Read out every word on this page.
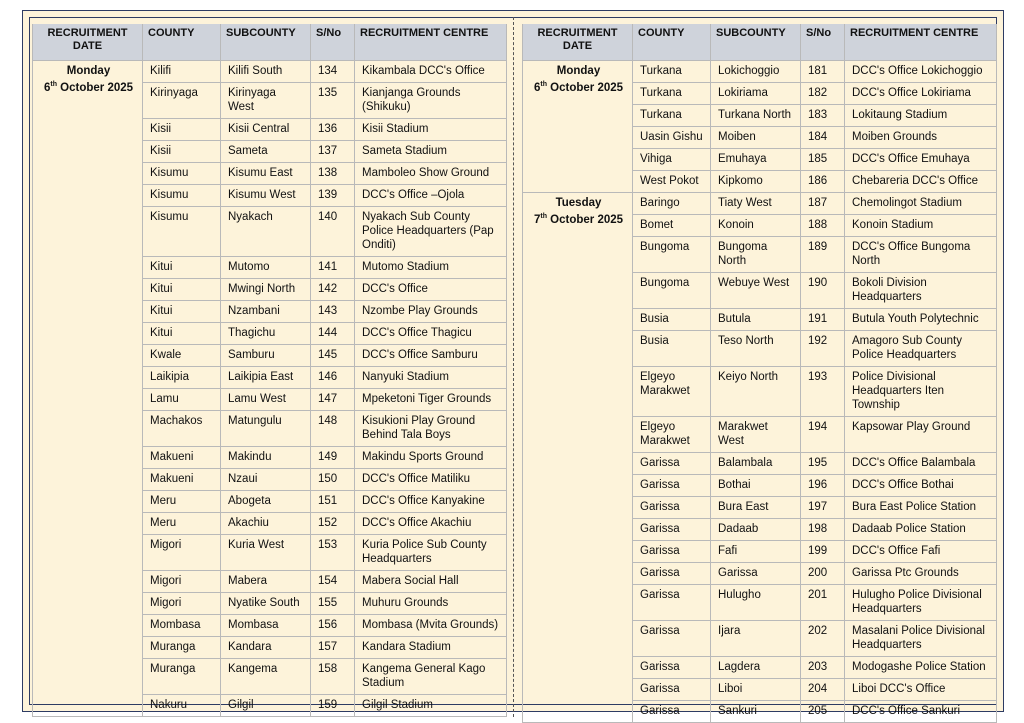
RECRUITMENT DATE	COUNTY	SUBCOUNTY	S/No	RECRUITMENT CENTRE

Monday
6th October 2025	Kilifi	Kilifi South	134	Kikambala DCC's Office
	Kirinyaga	Kirinyaga West	135	Kianjanga Grounds (Shikuku)
	Kisii	Kisii Central	136	Kisii Stadium
	Kisii	Sameta	137	Sameta Stadium
	Kisumu	Kisumu East	138	Mamboleo Show Ground
	Kisumu	Kisumu West	139	DCC's Office –Ojola
	Kisumu	Nyakach	140	Nyakach Sub County Police Headquarters (Pap Onditi)
	Kitui	Mutomo	141	Mutomo Stadium
	Kitui	Mwingi North	142	DCC's Office
	Kitui	Nzambani	143	Nzombe Play Grounds
	Kitui	Thagichu	144	DCC's Office Thagicu
	Kwale	Samburu	145	DCC's Office Samburu
	Laikipia	Laikipia East	146	Nanyuki Stadium
	Lamu	Lamu West	147	Mpeketoni Tiger Grounds
	Machakos	Matungulu	148	Kisukioni Play Ground Behind Tala Boys
	Makueni	Makindu	149	Makindu Sports Ground
	Makueni	Nzaui	150	DCC's Office Matiliku
	Meru	Abogeta	151	DCC's Office Kanyakine
	Meru	Akachiu	152	DCC's Office Akachiu
	Migori	Kuria West	153	Kuria Police Sub County Headquarters
	Migori	Mabera	154	Mabera Social Hall
	Migori	Nyatike South	155	Muhuru Grounds
	Mombasa	Mombasa	156	Mombasa (Mvita Grounds)
	Muranga	Kandara	157	Kandara Stadium
	Muranga	Kangema	158	Kangema General Kago Stadium
	Nakuru	Gilgil	159	Gilgil Stadium
RECRUITMENT DATE	COUNTY	SUBCOUNTY	S/No	RECRUITMENT CENTRE

Monday
6th October 2025	Turkana	Lokichoggio	181	DCC's Office Lokichoggio
	Turkana	Lokiriama	182	DCC's Office Lokiriama
	Turkana	Turkana North	183	Lokitaung Stadium
	Uasin Gishu	Moiben	184	Moiben Grounds
	Vihiga	Emuhaya	185	DCC's Office Emuhaya
	West Pokot	Kipkomo	186	Chebareria DCC's Office

Tuesday
7th October 2025	Baringo	Tiaty West	187	Chemolingot Stadium
	Bomet	Konoin	188	Konoin Stadium
	Bungoma	Bungoma North	189	DCC's Office Bungoma North
	Bungoma	Webuye West	190	Bokoli Division Headquarters
	Busia	Butula	191	Butula Youth Polytechnic
	Busia	Teso North	192	Amagoro Sub County Police Headquarters
	Elgeyo Marakwet	Keiyo North	193	Police Divisional Headquarters Iten Township
	Elgeyo Marakwet	Marakwet West	194	Kapsowar Play Ground
	Garissa	Balambala	195	DCC's Office Balambala
	Garissa	Bothai	196	DCC's Office Bothai
	Garissa	Bura East	197	Bura East Police Station
	Garissa	Dadaab	198	Dadaab Police Station
	Garissa	Fafi	199	DCC's Office Fafi
	Garissa	Garissa	200	Garissa Ptc Grounds
	Garissa	Hulugho	201	Hulugho Police Divisional Headquarters
	Garissa	Ijara	202	Masalani Police Divisional Headquarters
	Garissa	Lagdera	203	Modogashe Police Station
	Garissa	Liboi	204	Liboi DCC's Office
	Garissa	Sankuri	205	DCC's Office Sankuri
